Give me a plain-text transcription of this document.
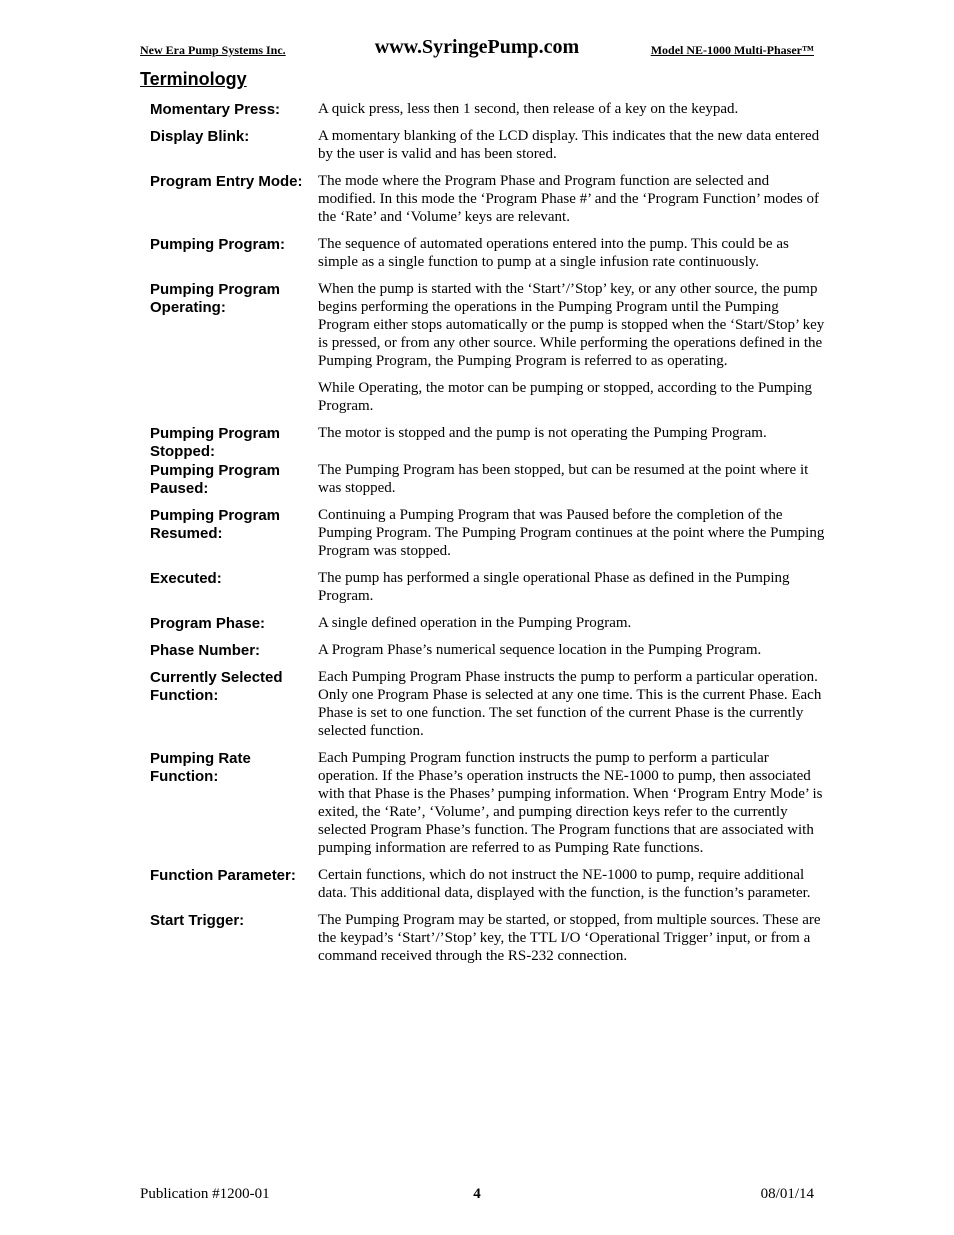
New Era Pump Systems Inc.	www.SyringePump.com	Model NE-1000 Multi-Phaser™
Terminology
Momentary Press:	A quick press, less then 1 second, then release of a key on the keypad.

Display Blink:	A momentary blanking of the LCD display. This indicates that the new data entered by the user is valid and has been stored.

Program Entry Mode:	The mode where the Program Phase and Program function are selected and modified. In this mode the ‘Program Phase #’ and the ‘Program Function’ modes of the ‘Rate’ and ‘Volume’ keys are relevant.

Pumping Program:	The sequence of automated operations entered into the pump. This could be as simple as a single function to pump at a single infusion rate continuously.

Pumping Program Operating:

When the pump is started with the ‘Start’/’Stop’ key, or any other source, the pump begins performing the operations in the Pumping Program until the Pumping Program either stops automatically or the pump is stopped when the ‘Start/Stop’ key is pressed, or from any other source. While performing the operations defined in the Pumping Program, the Pumping Program is referred to as operating.

While Operating, the motor can be pumping or stopped, according to the Pumping Program.

Pumping Program Stopped:

The motor is stopped and the pump is not operating the Pumping Program.

Pumping Program Paused:

The Pumping Program has been stopped, but can be resumed at the point where it was stopped.

Pumping Program Resumed:

Continuing a Pumping Program that was Paused before the completion of the Pumping Program. The Pumping Program continues at the point where the Pumping Program was stopped.

Executed:	The pump has performed a single operational Phase as defined in the Pumping Program.

Program Phase:	A single defined operation in the Pumping Program.

Phase Number:	A Program Phase’s numerical sequence location in the Pumping Program.

Currently Selected Function:

Each Pumping Program Phase instructs the pump to perform a particular operation. Only one Program Phase is selected at any one time. This is the current Phase. Each Phase is set to one function. The set function of the current Phase is the currently selected function.

Pumping Rate Function:

Each Pumping Program function instructs the pump to perform a particular operation. If the Phase’s operation instructs the NE-1000 to pump, then associated with that Phase is the Phases’ pumping information. When ‘Program Entry Mode’ is exited, the ‘Rate’, ‘Volume’, and pumping direction keys refer to the currently selected Program Phase’s function. The Program functions that are associated with pumping information are referred to as Pumping Rate functions.

Function Parameter:	Certain functions, which do not instruct the NE-1000 to pump, require additional data. This additional data, displayed with the function, is the function’s parameter.

Start Trigger:	The Pumping Program may be started, or stopped, from multiple sources. These are the keypad’s ‘Start’/’Stop’ key, the TTL I/O ‘Operational Trigger’ input, or from a command received through the RS-232 connection.

Publication #1200-01	4	08/01/14
